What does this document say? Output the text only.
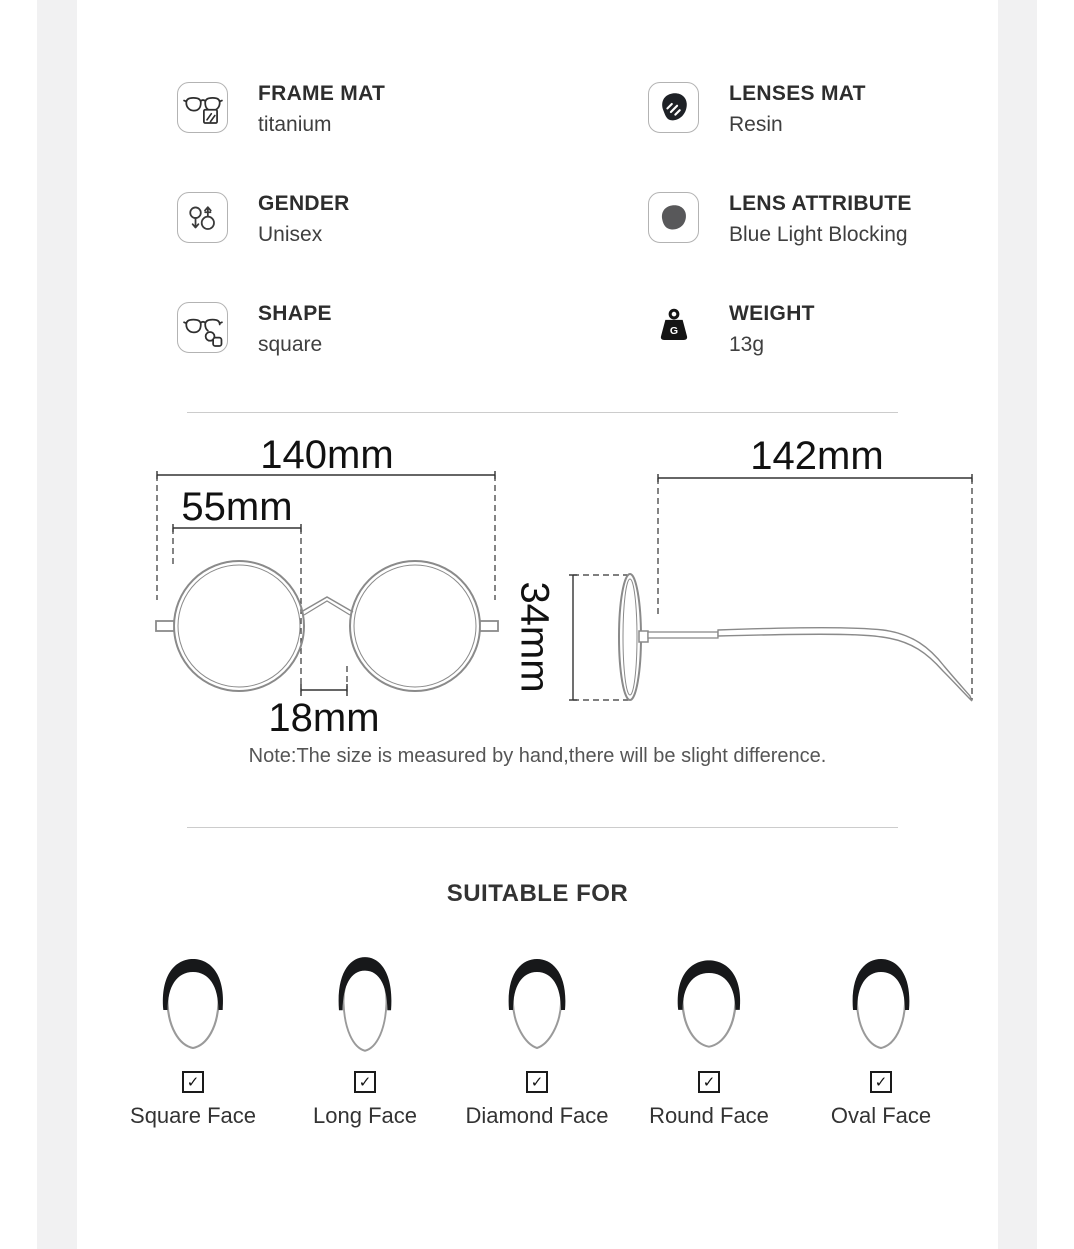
FRAME MAT
titanium
LENSES MAT
Resin
GENDER
Unisex
LENS ATTRIBUTE
Blue Light Blocking
SHAPE
square
G
WEIGHT
13g
140mm
55mm
18mm
142mm
34mm
Note:The size is measured by hand,there will be slight difference.
SUITABLE FOR
✓
Square Face
✓
Long Face
✓
Diamond Face
✓
Round Face
✓
Oval Face
